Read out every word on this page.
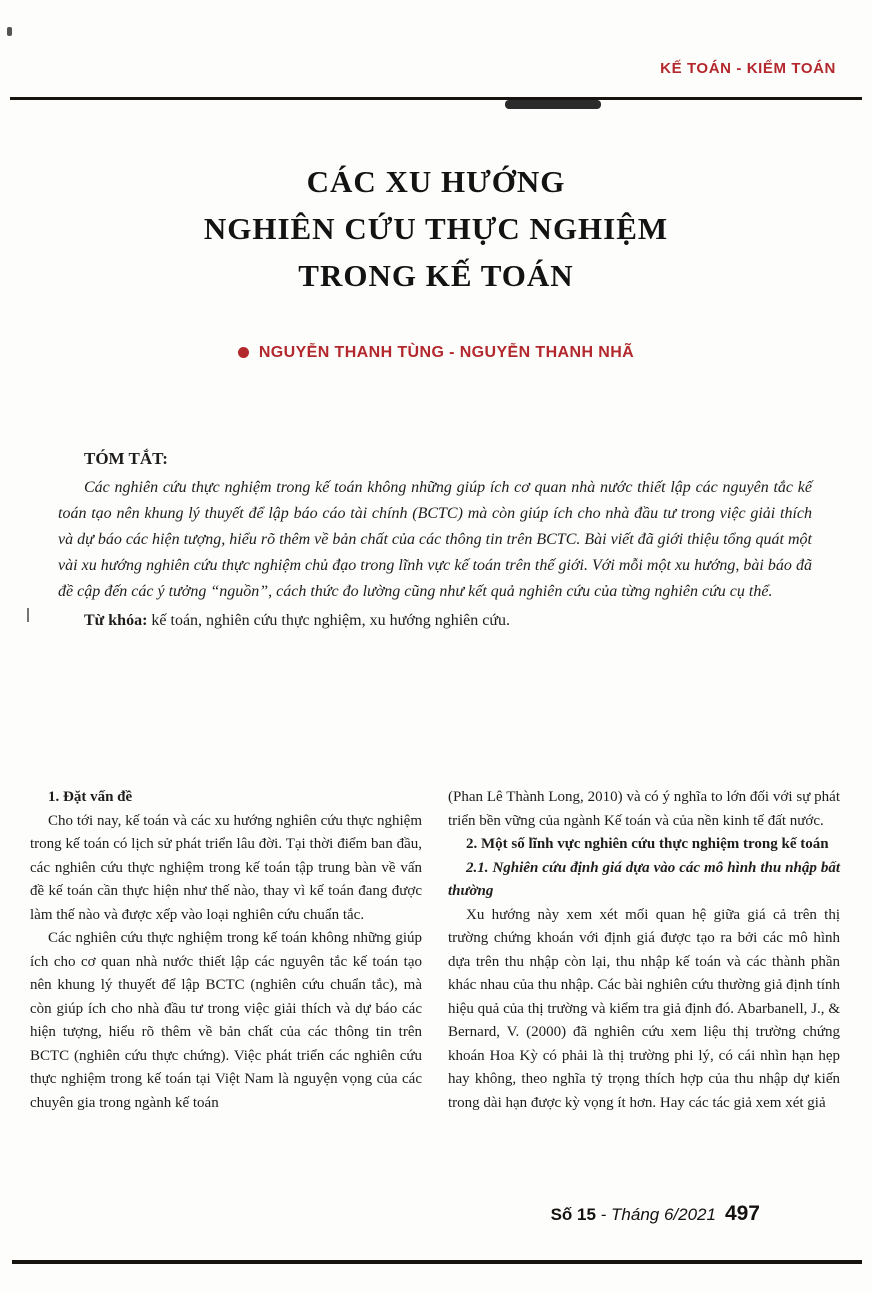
KẾ TOÁN - KIỂM TOÁN
CÁC XU HƯỚNG
NGHIÊN CỨU THỰC NGHIỆM
TRONG KẾ TOÁN
NGUYỄN THANH TÙNG - NGUYỄN THANH NHÃ

TÓM TẮT:

Các nghiên cứu thực nghiệm trong kế toán không những giúp ích cơ quan nhà nước thiết lập các nguyên tắc kế toán tạo nên khung lý thuyết để lập báo cáo tài chính (BCTC) mà còn giúp ích cho nhà đầu tư trong việc giải thích và dự báo các hiện tượng, hiểu rõ thêm về bản chất của các thông tin trên BCTC. Bài viết đã giới thiệu tổng quát một vài xu hướng nghiên cứu thực nghiệm chủ đạo trong lĩnh vực kế toán trên thế giới. Với mỗi một xu hướng, bài báo đã đề cập đến các ý tưởng “nguồn”, cách thức đo lường cũng như kết quả nghiên cứu của từng nghiên cứu cụ thể.

Từ khóa: kế toán, nghiên cứu thực nghiệm, xu hướng nghiên cứu.

1. Đặt vấn đề

Cho tới nay, kế toán và các xu hướng nghiên cứu thực nghiệm trong kế toán có lịch sử phát triển lâu đời. Tại thời điểm ban đầu, các nghiên cứu thực nghiệm trong kế toán tập trung bàn về vấn đề kế toán cần thực hiện như thế nào, thay vì kế toán đang được làm thế nào và được xếp vào loại nghiên cứu chuẩn tắc.

Các nghiên cứu thực nghiệm trong kế toán không những giúp ích cho cơ quan nhà nước thiết lập các nguyên tắc kế toán tạo nên khung lý thuyết để lập BCTC (nghiên cứu chuẩn tắc), mà còn giúp ích cho nhà đầu tư trong việc giải thích và dự báo các hiện tượng, hiểu rõ thêm về bản chất của các thông tin trên BCTC (nghiên cứu thực chứng). Việc phát triển các nghiên cứu thực nghiệm trong kế toán tại Việt Nam là nguyện vọng của các chuyên gia trong ngành kế toán

(Phan Lê Thành Long, 2010) và có ý nghĩa to lớn đối với sự phát triển bền vững của ngành Kế toán và của nền kinh tế đất nước.

2. Một số lĩnh vực nghiên cứu thực nghiệm trong kế toán

2.1. Nghiên cứu định giá dựa vào các mô hình thu nhập bất thường

Xu hướng này xem xét mối quan hệ giữa giá cả trên thị trường chứng khoán với định giá được tạo ra bởi các mô hình dựa trên thu nhập còn lại, thu nhập kế toán và các thành phần khác nhau của thu nhập. Các bài nghiên cứu thường giả định tính hiệu quả của thị trường và kiểm tra giả định đó. Abarbanell, J., & Bernard, V. (2000) đã nghiên cứu xem liệu thị trường chứng khoán Hoa Kỳ có phải là thị trường phi lý, có cái nhìn hạn hẹp hay không, theo nghĩa tỷ trọng thích hợp của thu nhập dự kiến trong dài hạn được kỳ vọng ít hơn. Hay các tác giả xem xét giả

Số 15 - Tháng 6/2021 497
